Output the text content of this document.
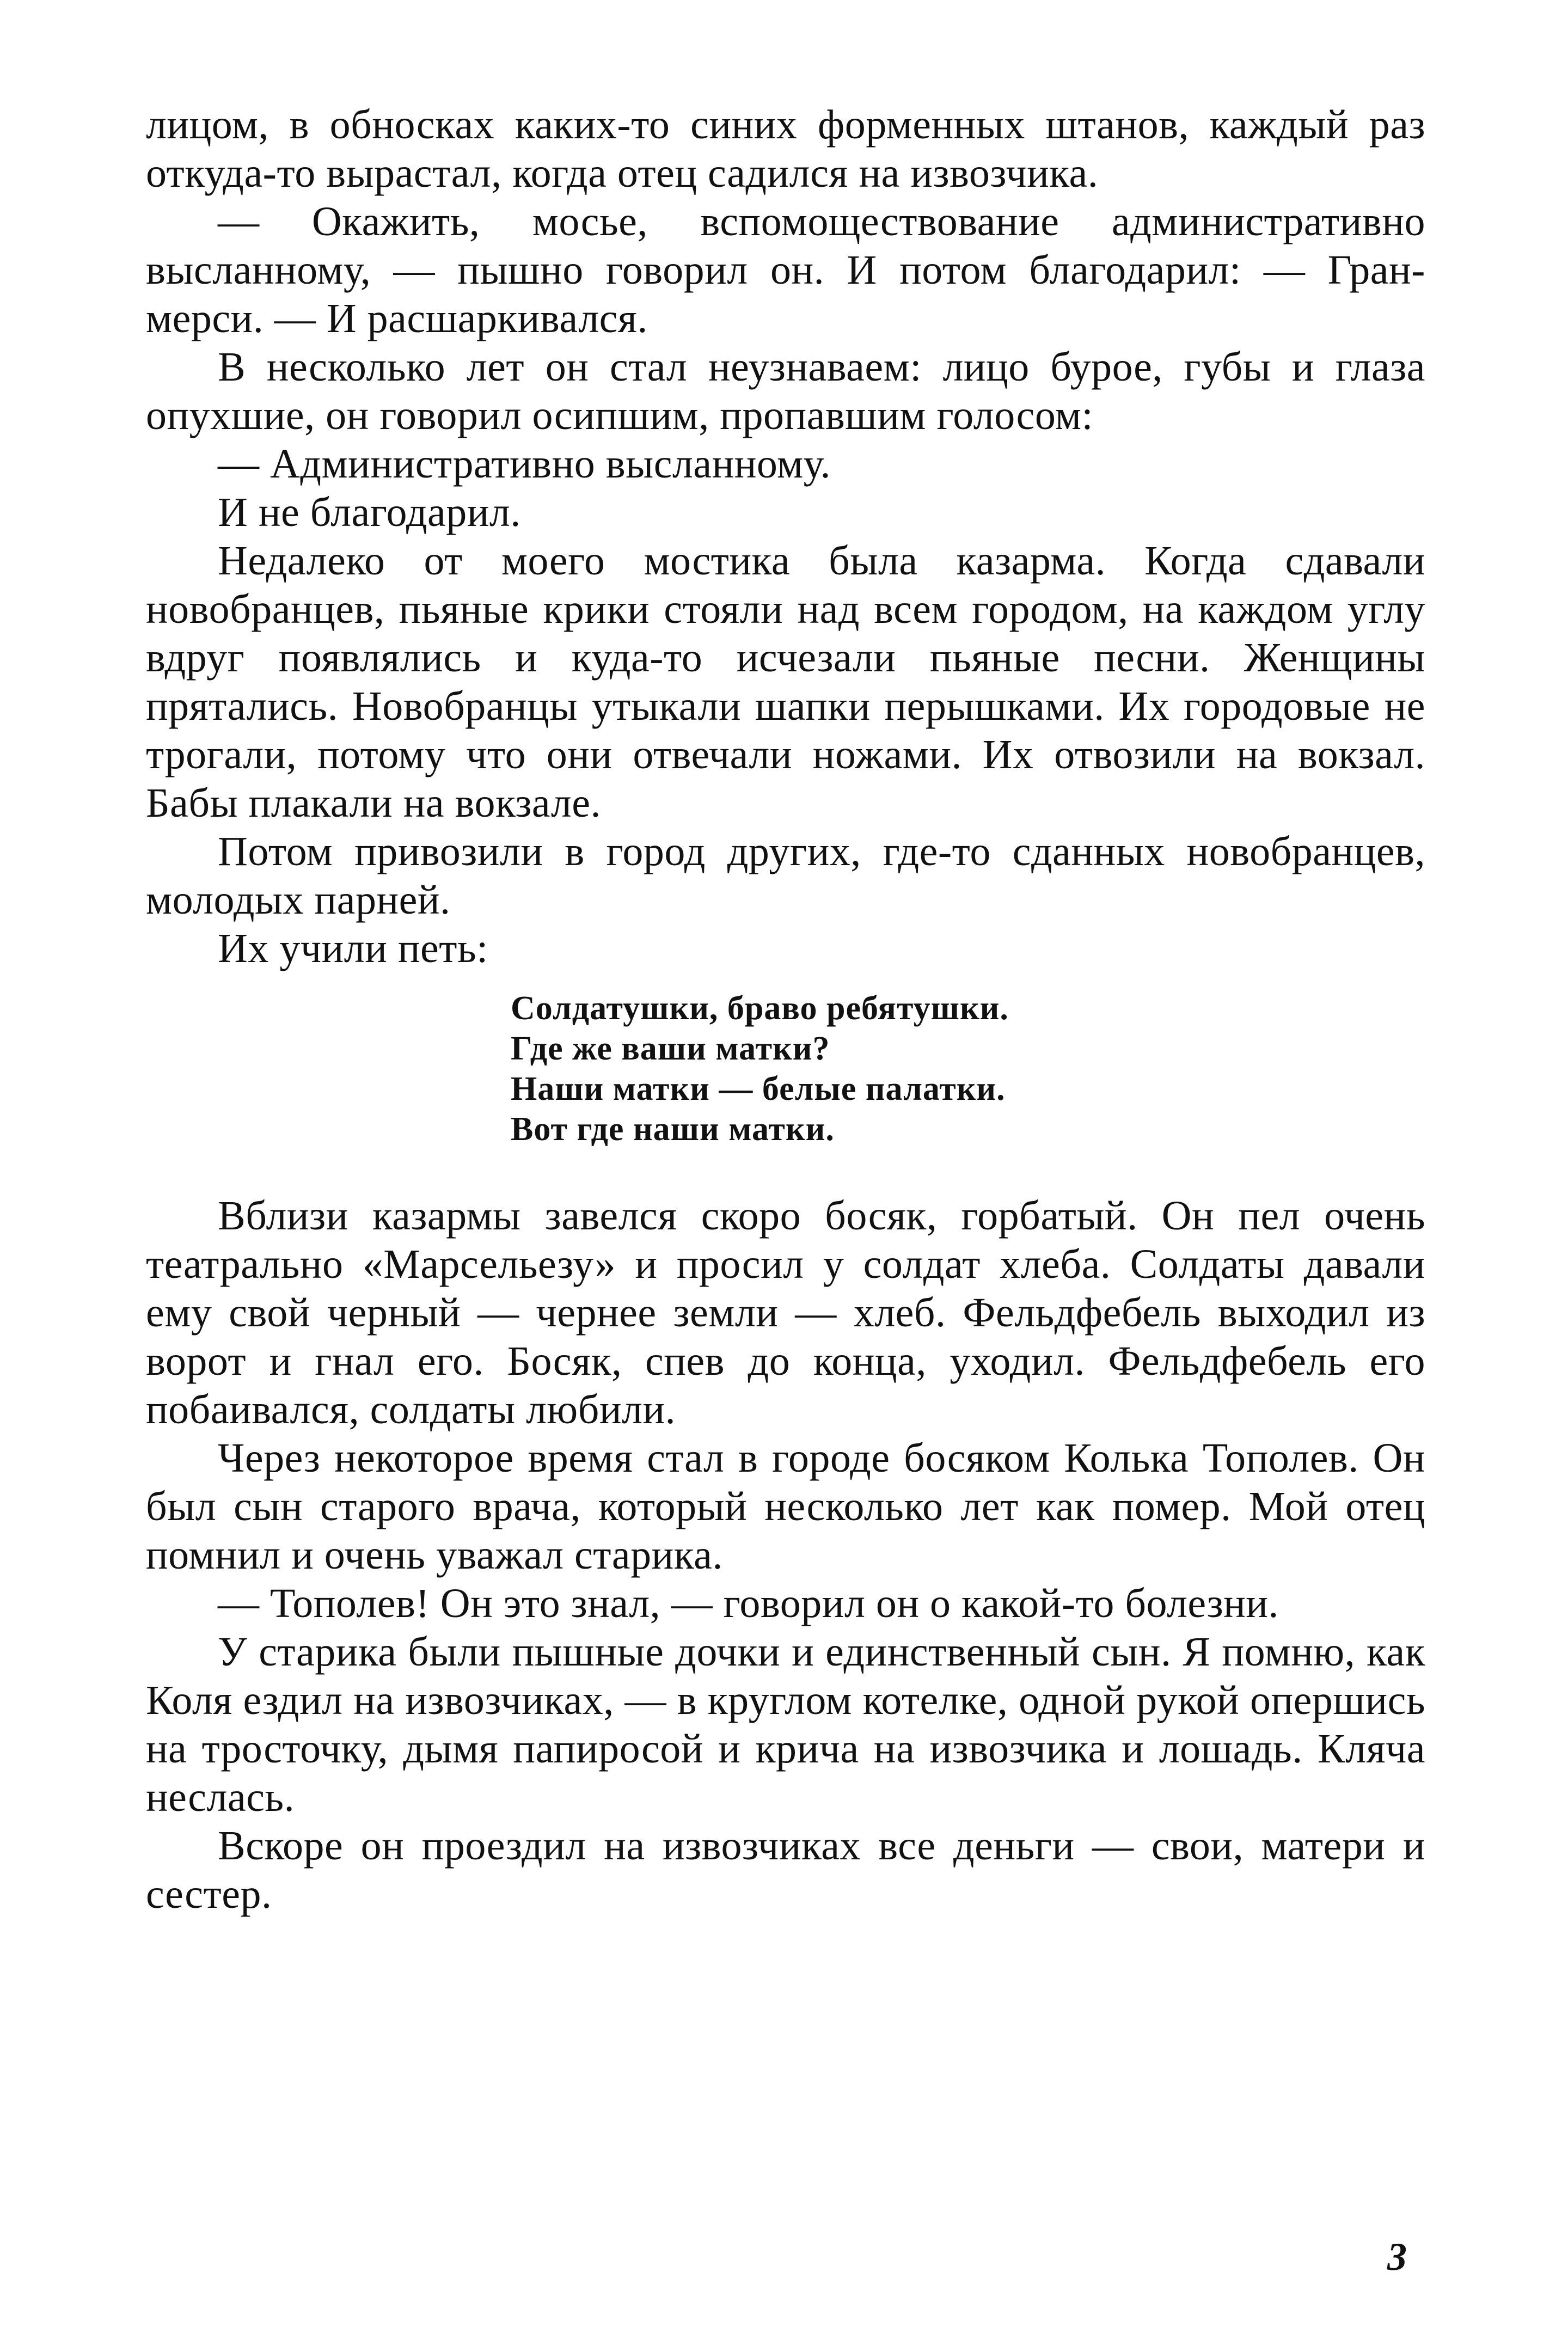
лицом, в обносках каких-то синих форменных штанов, каждый раз откуда-то вырастал, когда отец садился на извозчика.

— Окажить, мосье, вспомоществование административно высланному, — пышно говорил он. И потом благодарил: — Гран-мерси. — И расшаркивался.

В несколько лет он стал неузнаваем: лицо бурое, губы и глаза опухшие, он говорил осипшим, пропавшим голосом:

— Административно высланному.

И не благодарил.

Недалеко от моего мостика была казарма. Когда сдавали новобранцев, пьяные крики стояли над всем городом, на каждом углу вдруг появлялись и куда-то исчезали пьяные песни. Женщины прятались. Новобранцы утыкали шапки перышками. Их городовые не трогали, потому что они отвечали ножами. Их отвозили на вокзал. Бабы плакали на вокзале.

Потом привозили в город других, где-то сданных новобранцев, молодых парней.

Их учили петь:

Солдатушки, браво ребятушки.
Где же ваши матки?
Наши матки — белые палатки.
Вот где наши матки.

Вблизи казармы завелся скоро босяк, горбатый. Он пел очень театрально «Марсельезу» и просил у солдат хлеба. Солдаты давали ему свой черный — чернее земли — хлеб. Фельдфебель выходил из ворот и гнал его. Босяк, спев до конца, уходил. Фельдфебель его побаивался, солдаты любили.

Через некоторое время стал в городе босяком Колька Тополев. Он был сын старого врача, который несколько лет как помер. Мой отец помнил и очень уважал старика.

— Тополев! Он это знал, — говорил он о какой-то болезни.

У старика были пышные дочки и единственный сын. Я помню, как Коля ездил на извозчиках, — в круглом котелке, одной рукой опершись на тросточку, дымя папиросой и крича на извозчика и лошадь. Кляча неслась.

Вскоре он проездил на извозчиках все деньги — свои, матери и сестер.

3
